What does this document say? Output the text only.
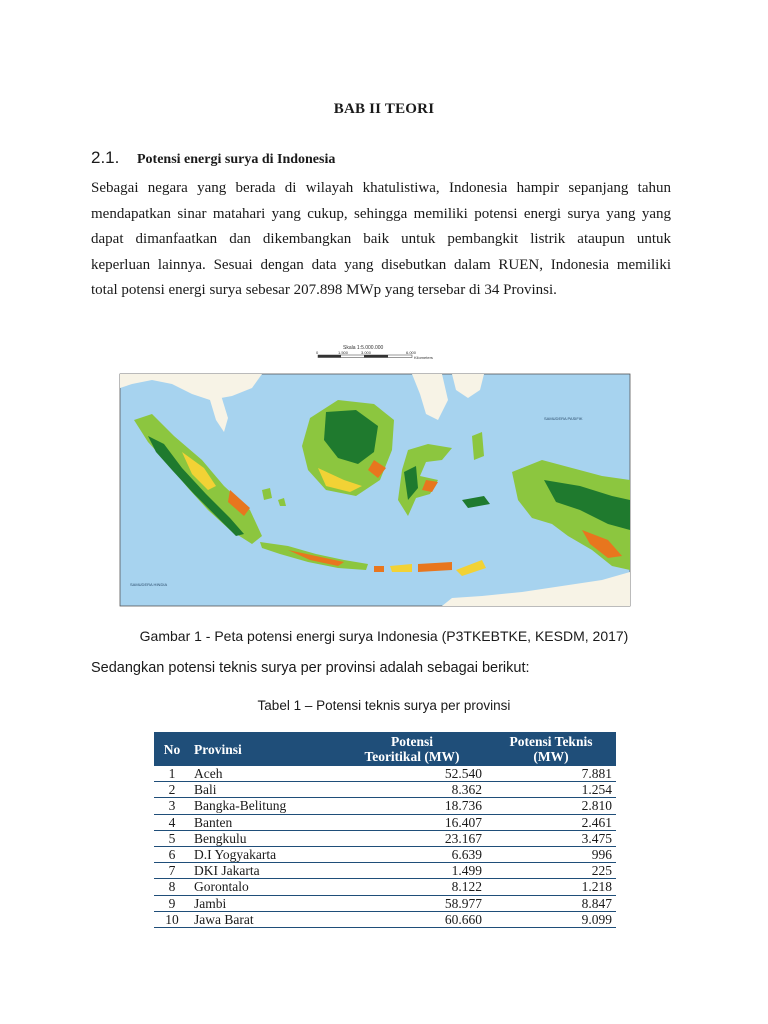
BAB II TEORI
2.1.	Potensi energi surya di Indonesia
Sebagai negara yang berada di wilayah khatulistiwa, Indonesia hampir sepanjang tahun
mendapatkan sinar matahari yang cukup, sehingga memiliki potensi energi surya yang yang
dapat dimanfaatkan dan dikembangkan baik untuk pembangkit listrik ataupun untuk
keperluan lainnya. Sesuai dengan data yang disebutkan dalam RUEN, Indonesia memiliki
total potensi energi surya sebesar 207.898 MWp yang tersebar di 34 Provinsi.
Skala 1:5.000.000
0	1.500	3.000	6.000
Kilometers
SAMUDERA PASIFIK
SAMUDERA HINDIA
Gambar 1 - Peta potensi energi surya Indonesia (P3TKEBTKE, KESDM, 2017)
Sedangkan potensi teknis surya per provinsi adalah sebagai berikut:
Tabel 1 – Potensi teknis surya per provinsi
No	Provinsi	Potensi
Teoritikal (MW)	Potensi Teknis
(MW)
1	Aceh	52.540	7.881
2	Bali	8.362	1.254
3	Bangka-Belitung	18.736	2.810
4	Banten	16.407	2.461
5	Bengkulu	23.167	3.475
6	D.I Yogyakarta	6.639	996
7	DKI Jakarta	1.499	225
8	Gorontalo	8.122	1.218
9	Jambi	58.977	8.847
10	Jawa Barat	60.660	9.099
